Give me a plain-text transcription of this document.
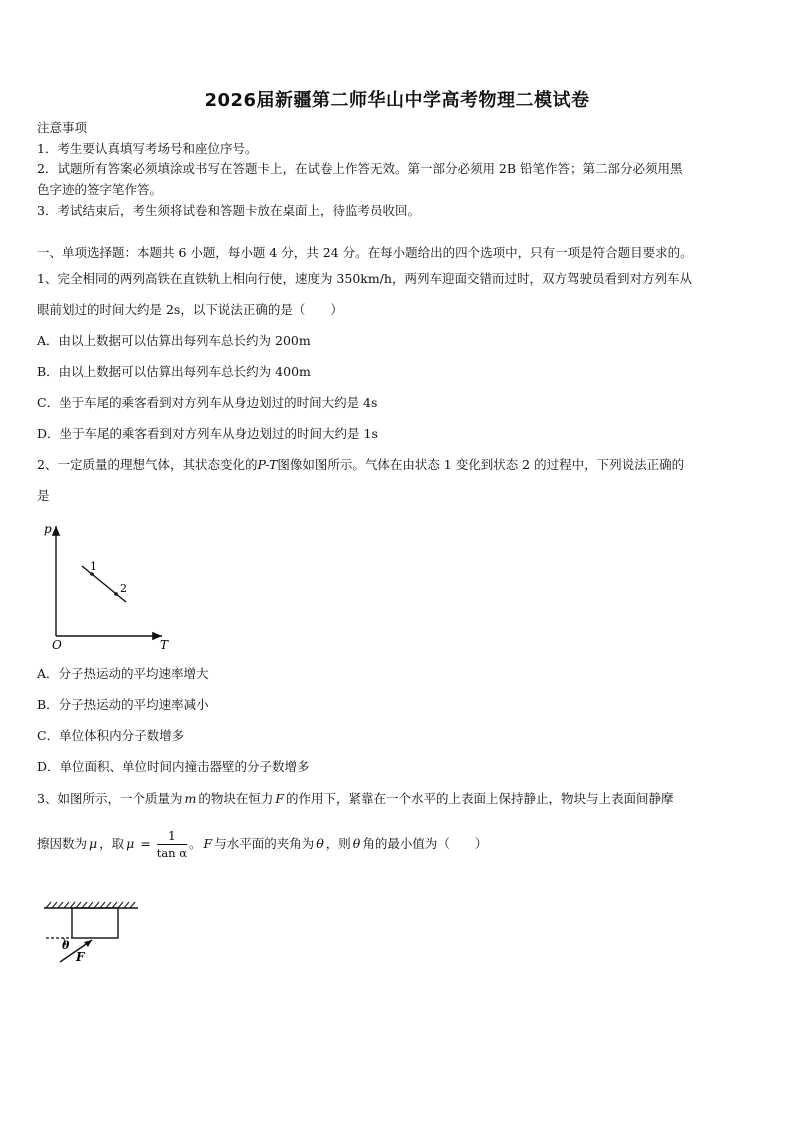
2026届新疆第二师华山中学高考物理二模试卷
注意事项
1．考生要认真填写考场号和座位序号。
2．试题所有答案必须填涂或书写在答题卡上，在试卷上作答无效。第一部分必须用 2B 铅笔作答；第二部分必须用黑
色字迹的签字笔作答。
3．考试结束后，考生须将试卷和答题卡放在桌面上，待监考员收回。
一、单项选择题：本题共 6 小题，每小题 4 分，共 24 分。在每小题给出的四个选项中，只有一项是符合题目要求的。
1、完全相同的两列高铁在直铁轨上相向行使，速度为 350km/h，两列车迎面交错而过时，双方驾驶员看到对方列车从
眼前划过的时间大约是 2s，以下说法正确的是（　　）
A．由以上数据可以估算出每列车总长约为 200m
B．由以上数据可以估算出每列车总长约为 400m
C．坐于车尾的乘客看到对方列车从身边划过的时间大约是 4s
D．坐于车尾的乘客看到对方列车从身边划过的时间大约是 1s
2、一定质量的理想气体，其状态变化的P-T图像如图所示。气体在由状态 1 变化到状态 2 的过程中，下列说法正确的
是
p
T
O
1
2
A．分子热运动的平均速率增大
B．分子热运动的平均速率减小
C．单位体积内分子数增多
D．单位面积、单位时间内撞击器壁的分子数增多
3、如图所示，一个质量为 m 的物块在恒力 F 的作用下，紧靠在一个水平的上表面上保持静止，物块与上表面间静摩
擦因数为 μ ，取 $\mu = \frac{1}{\text{tan α}}$ 。 F 与水平面的夹角为 θ ，则 θ 角的最小值为（　　）
θ
F
